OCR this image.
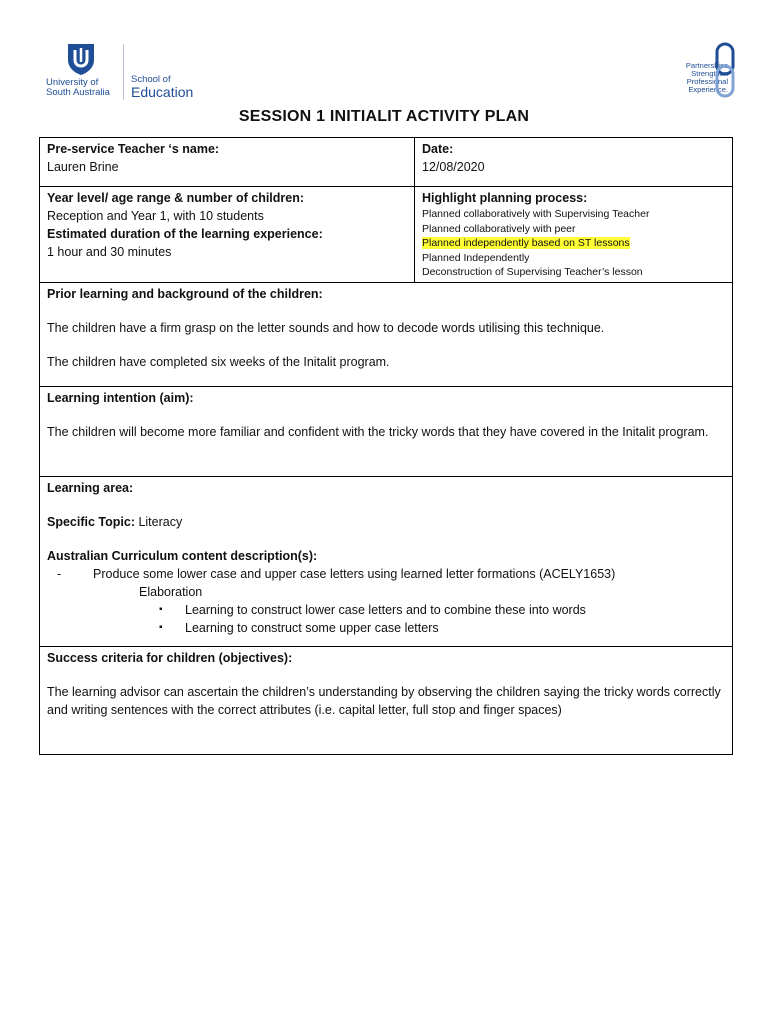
University of
South Australia
School of
Education
Partnerships
Strengthen
Professional
Experience.
SESSION 1 INITIALIT ACTIVITY PLAN
Pre-service Teacher ‘s name:
Lauren Brine
Date:
12/08/2020
Year level/ age range & number of children:
Reception and Year 1, with 10 students
Estimated duration of the learning experience:
1 hour and 30 minutes
Highlight planning process:
Planned collaboratively with Supervising Teacher
Planned collaboratively with peer
Planned independently based on ST lessons
Planned Independently
Deconstruction of Supervising Teacher’s lesson
Prior learning and background of the children:
The children have a firm grasp on the letter sounds and how to decode words utilising this technique.
The children have completed six weeks of the Initalit program.
Learning intention (aim):
The children will become more familiar and confident with the tricky words that they have covered in the Initalit program.
Learning area:
Specific Topic: Literacy
Australian Curriculum content description(s):
-	Produce some lower case and upper case letters using learned letter formations (ACELY1653)
Elaboration
▪	Learning to construct lower case letters and to combine these into words
▪	Learning to construct some upper case letters
Success criteria for children (objectives):
The learning advisor can ascertain the children’s understanding by observing the children saying the tricky words correctly and writing sentences with the correct attributes (i.e. capital letter, full stop and finger spaces)
